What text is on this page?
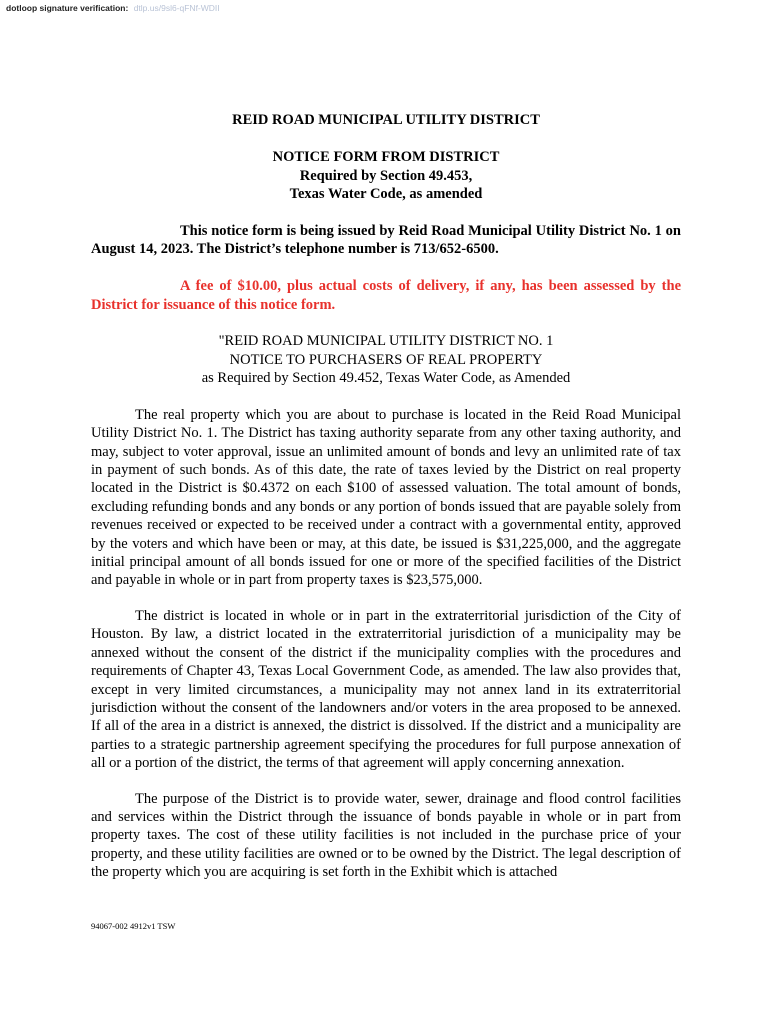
dotloop signature verification: dtlp.us/9sl6-qFNf-WDII
REID ROAD MUNICIPAL UTILITY DISTRICT
NOTICE FORM FROM DISTRICT
Required by Section 49.453,
Texas Water Code, as amended

This notice form is being issued by Reid Road Municipal Utility District No. 1 on August 14, 2023. The District’s telephone number is 713/652-6500.

A fee of $10.00, plus actual costs of delivery, if any, has been assessed by the District for issuance of this notice form.

"REID ROAD MUNICIPAL UTILITY DISTRICT NO. 1
NOTICE TO PURCHASERS OF REAL PROPERTY
as Required by Section 49.452, Texas Water Code, as Amended

The real property which you are about to purchase is located in the Reid Road Municipal Utility District No. 1. The District has taxing authority separate from any other taxing authority, and may, subject to voter approval, issue an unlimited amount of bonds and levy an unlimited rate of tax in payment of such bonds. As of this date, the rate of taxes levied by the District on real property located in the District is $0.4372 on each $100 of assessed valuation. The total amount of bonds, excluding refunding bonds and any bonds or any portion of bonds issued that are payable solely from revenues received or expected to be received under a contract with a governmental entity, approved by the voters and which have been or may, at this date, be issued is $31,225,000, and the aggregate initial principal amount of all bonds issued for one or more of the specified facilities of the District and payable in whole or in part from property taxes is $23,575,000.

The district is located in whole or in part in the extraterritorial jurisdiction of the City of Houston. By law, a district located in the extraterritorial jurisdiction of a municipality may be annexed without the consent of the district if the municipality complies with the procedures and requirements of Chapter 43, Texas Local Government Code, as amended. The law also provides that, except in very limited circumstances, a municipality may not annex land in its extraterritorial jurisdiction without the consent of the landowners and/or voters in the area proposed to be annexed. If all of the area in a district is annexed, the district is dissolved. If the district and a municipality are parties to a strategic partnership agreement specifying the procedures for full purpose annexation of all or a portion of the district, the terms of that agreement will apply concerning annexation.

The purpose of the District is to provide water, sewer, drainage and flood control facilities and services within the District through the issuance of bonds payable in whole or in part from property taxes. The cost of these utility facilities is not included in the purchase price of your property, and these utility facilities are owned or to be owned by the District. The legal description of the property which you are acquiring is set forth in the Exhibit which is attached

94067-002 4912v1 TSW
